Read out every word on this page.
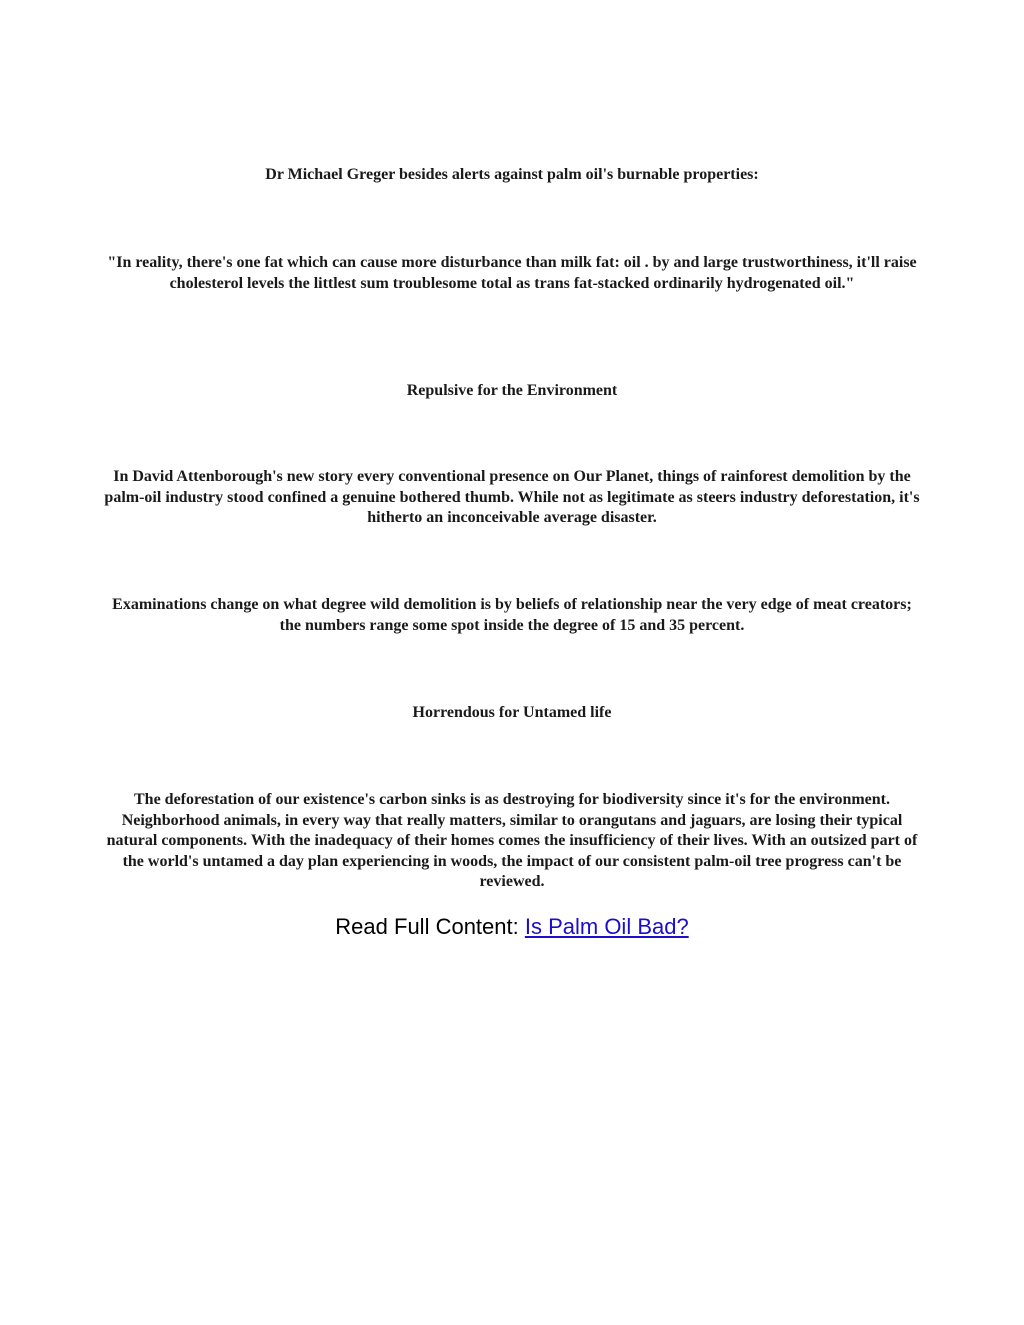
Dr Michael Greger besides alerts against palm oil's burnable properties:

"In reality, there's one fat which can cause more disturbance than milk fat: oil . by and large trustworthiness, it'll raise cholesterol levels the littlest sum troublesome total as trans fat-stacked ordinarily hydrogenated oil."

Repulsive for the Environment

In David Attenborough's new story every conventional presence on Our Planet, things of rainforest demolition by the palm-oil industry stood confined a genuine bothered thumb. While not as legitimate as steers industry deforestation, it's hitherto an inconceivable average disaster.

Examinations change on what degree wild demolition is by beliefs of relationship near the very edge of meat creators; the numbers range some spot inside the degree of 15 and 35 percent.

Horrendous for Untamed life

The deforestation of our existence's carbon sinks is as destroying for biodiversity since it's for the environment. Neighborhood animals, in every way that really matters, similar to orangutans and jaguars, are losing their typical natural components. With the inadequacy of their homes comes the insufficiency of their lives. With an outsized part of the world's untamed a day plan experiencing in woods, the impact of our consistent palm-oil tree progress can't be reviewed.

Read Full Content: Is Palm Oil Bad?
